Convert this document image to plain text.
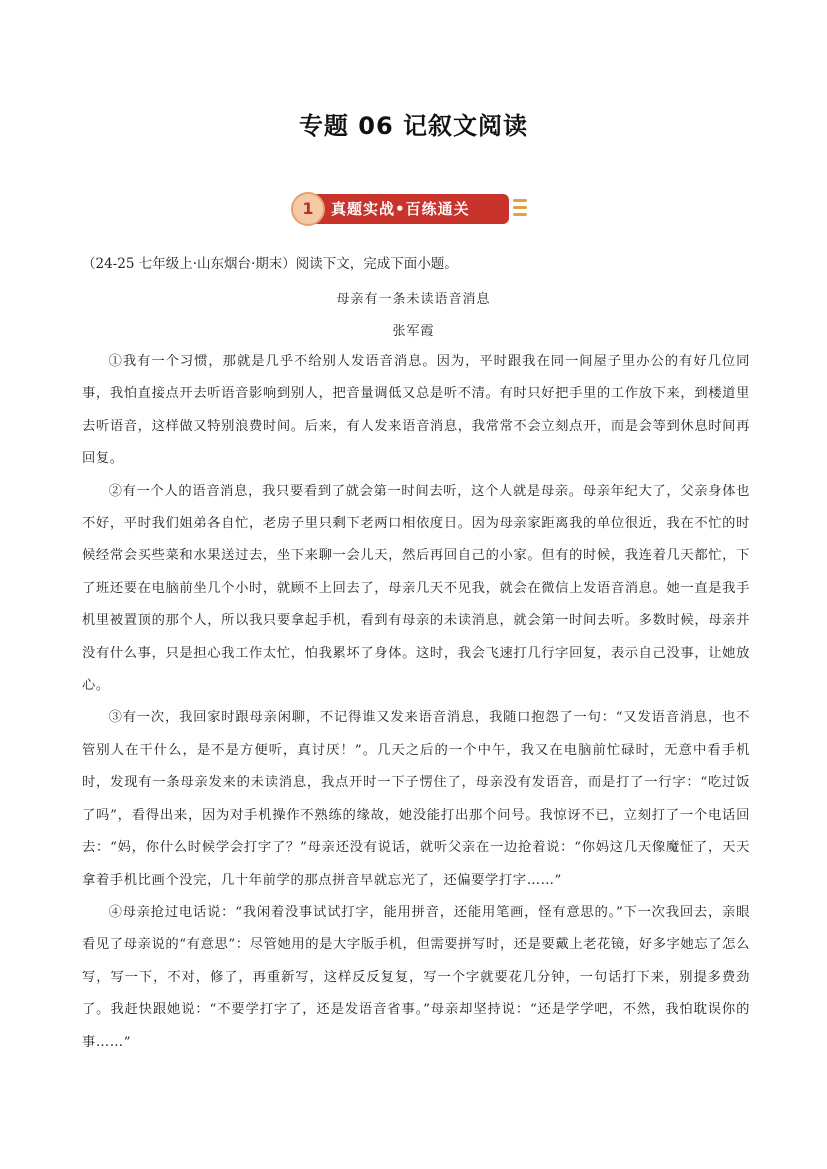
专题 06 记叙文阅读
1	真题实战•百练通关
（24-25 七年级上·山东烟台·期末）阅读下文，完成下面小题。
母亲有一条未读语音消息
张军霞

①我有一个习惯，那就是几乎不给别人发语音消息。因为，平时跟我在同一间屋子里办公的有好几位同事，我怕直接点开去听语音影响到别人，把音量调低又总是听不清。有时只好把手里的工作放下来，到楼道里去听语音，这样做又特别浪费时间。后来，有人发来语音消息，我常常不会立刻点开，而是会等到休息时间再回复。

②有一个人的语音消息，我只要看到了就会第一时间去听，这个人就是母亲。母亲年纪大了，父亲身体也不好，平时我们姐弟各自忙，老房子里只剩下老两口相依度日。因为母亲家距离我的单位很近，我在不忙的时候经常会买些菜和水果送过去，坐下来聊一会儿天，然后再回自己的小家。但有的时候，我连着几天都忙，下了班还要在电脑前坐几个小时，就顾不上回去了，母亲几天不见我，就会在微信上发语音消息。她一直是我手机里被置顶的那个人，所以我只要拿起手机，看到有母亲的未读消息，就会第一时间去听。多数时候，母亲并没有什么事，只是担心我工作太忙，怕我累坏了身体。这时，我会飞速打几行字回复，表示自己没事，让她放心。

③有一次，我回家时跟母亲闲聊，不记得谁又发来语音消息，我随口抱怨了一句：“又发语音消息，也不管别人在干什么，是不是方便听，真讨厌！”。几天之后的一个中午，我又在电脑前忙碌时，无意中看手机时，发现有一条母亲发来的未读消息，我点开时一下子愣住了，母亲没有发语音，而是打了一行字：“吃过饭了吗”，看得出来，因为对手机操作不熟练的缘故，她没能打出那个问号。我惊讶不已，立刻打了一个电话回去：“妈，你什么时候学会打字了？”母亲还没有说话，就听父亲在一边抢着说：“你妈这几天像魔怔了，天天拿着手机比画个没完，几十年前学的那点拼音早就忘光了，还偏要学打字……”

④母亲抢过电话说：“我闲着没事试试打字，能用拼音，还能用笔画，怪有意思的。”下一次我回去，亲眼看见了母亲说的“有意思”：尽管她用的是大字版手机，但需要拼写时，还是要戴上老花镜，好多字她忘了怎么写，写一下，不对，修了，再重新写，这样反反复复，写一个字就要花几分钟，一句话打下来，别提多费劲了。我赶快跟她说：“不要学打字了，还是发语音省事。”母亲却坚持说：“还是学学吧，不然，我怕耽误你的事……”
